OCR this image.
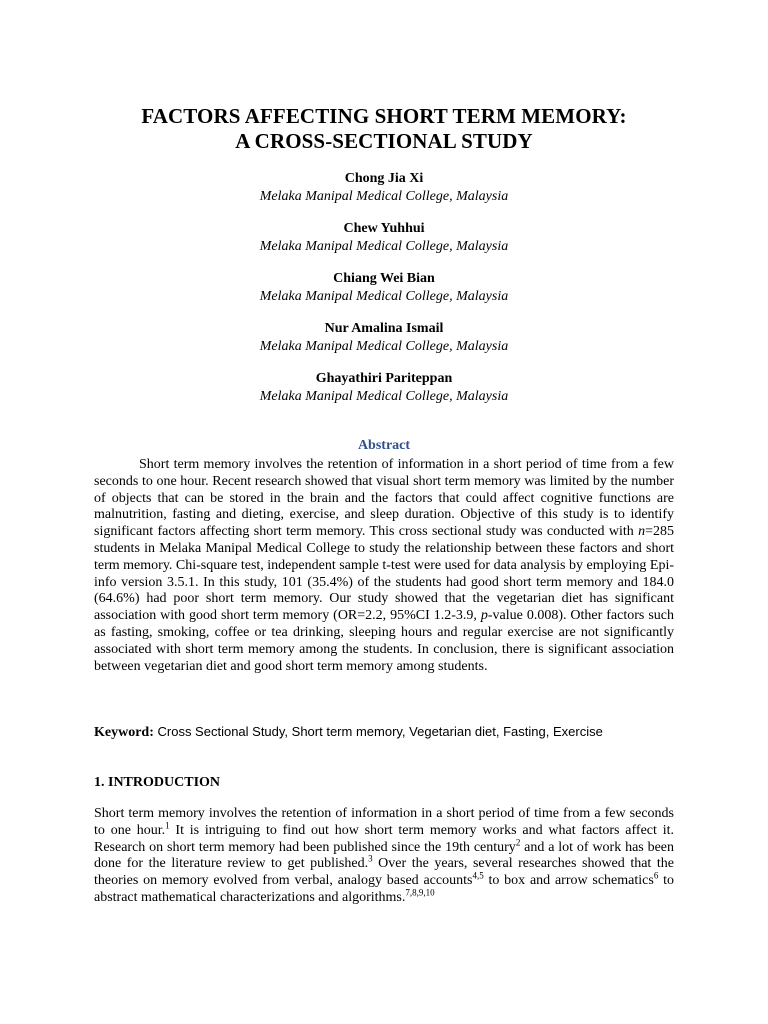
FACTORS AFFECTING SHORT TERM MEMORY:
A CROSS-SECTIONAL STUDY
Chong Jia Xi
Melaka Manipal Medical College, Malaysia
Chew Yuhhui
Melaka Manipal Medical College, Malaysia
Chiang Wei Bian
Melaka Manipal Medical College, Malaysia
Nur Amalina Ismail
Melaka Manipal Medical College, Malaysia
Ghayathiri Pariteppan
Melaka Manipal Medical College, Malaysia
Abstract
Short term memory involves the retention of information in a short period of time from a few seconds to one hour. Recent research showed that visual short term memory was limited by the number of objects that can be stored in the brain and the factors that could affect cognitive functions are malnutrition, fasting and dieting, exercise, and sleep duration. Objective of this study is to identify significant factors affecting short term memory. This cross sectional study was conducted with n=285 students in Melaka Manipal Medical College to study the relationship between these factors and short term memory. Chi-square test, independent sample t-test were used for data analysis by employing Epi-info version 3.5.1. In this study, 101 (35.4%) of the students had good short term memory and 184.0 (64.6%) had poor short term memory. Our study showed that the vegetarian diet has significant association with good short term memory (OR=2.2, 95%CI 1.2-3.9, p-value 0.008). Other factors such as fasting, smoking, coffee or tea drinking, sleeping hours and regular exercise are not significantly associated with short term memory among the students. In conclusion, there is significant association between vegetarian diet and good short term memory among students.
Keyword: Cross Sectional Study, Short term memory, Vegetarian diet, Fasting, Exercise
1. INTRODUCTION
Short term memory involves the retention of information in a short period of time from a few seconds to one hour.$^1$ It is intriguing to find out how short term memory works and what factors affect it. Research on short term memory had been published since the 19th century$^2$ and a lot of work has been done for the literature review to get published.$^3$ Over the years, several researches showed that the theories on memory evolved from verbal, analogy based accounts$^{4,5}$ to box and arrow schematics$^6$ to abstract mathematical characterizations and algorithms.$^{7,8,9,10}$
